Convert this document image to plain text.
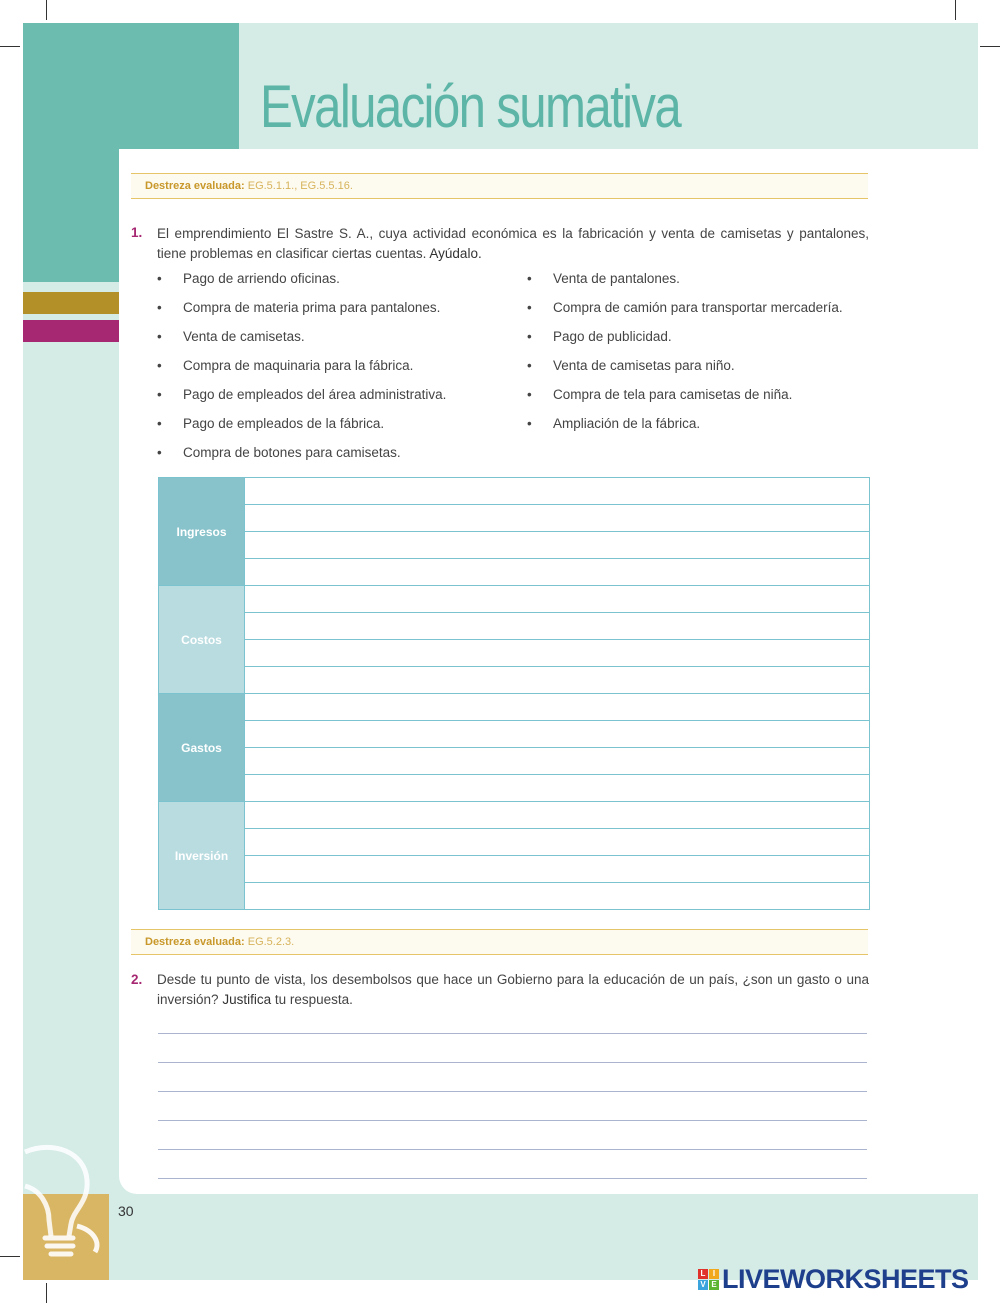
Evaluación sumativa
Destreza evaluada: EG.5.1.1., EG.5.5.16.
1. El emprendimiento El Sastre S. A., cuya actividad económica es la fabricación y venta de camisetas y pantalones, tiene problemas en clasificar ciertas cuentas. Ayúdalo.
• Pago de arriendo oficinas.
• Compra de materia prima para pantalones.
• Venta de camisetas.
• Compra de maquinaria para la fábrica.
• Pago de empleados del área administrativa.
• Pago de empleados de la fábrica.
• Compra de botones para camisetas.
• Venta de pantalones.
• Compra de camión para transportar mercadería.
• Pago de publicidad.
• Venta de camisetas para niño.
• Compra de tela para camisetas de niña.
• Ampliación de la fábrica.
Ingresos	

Costos	

Gastos	

Inversión	

Destreza evaluada: EG.5.2.3.
2. Desde tu punto de vista, los desembolsos que hace un Gobierno para la educación de un país, ¿son un gasto o una inversión? Justifica tu respuesta.
30
L I
V E LIVEWORKSHEETS
